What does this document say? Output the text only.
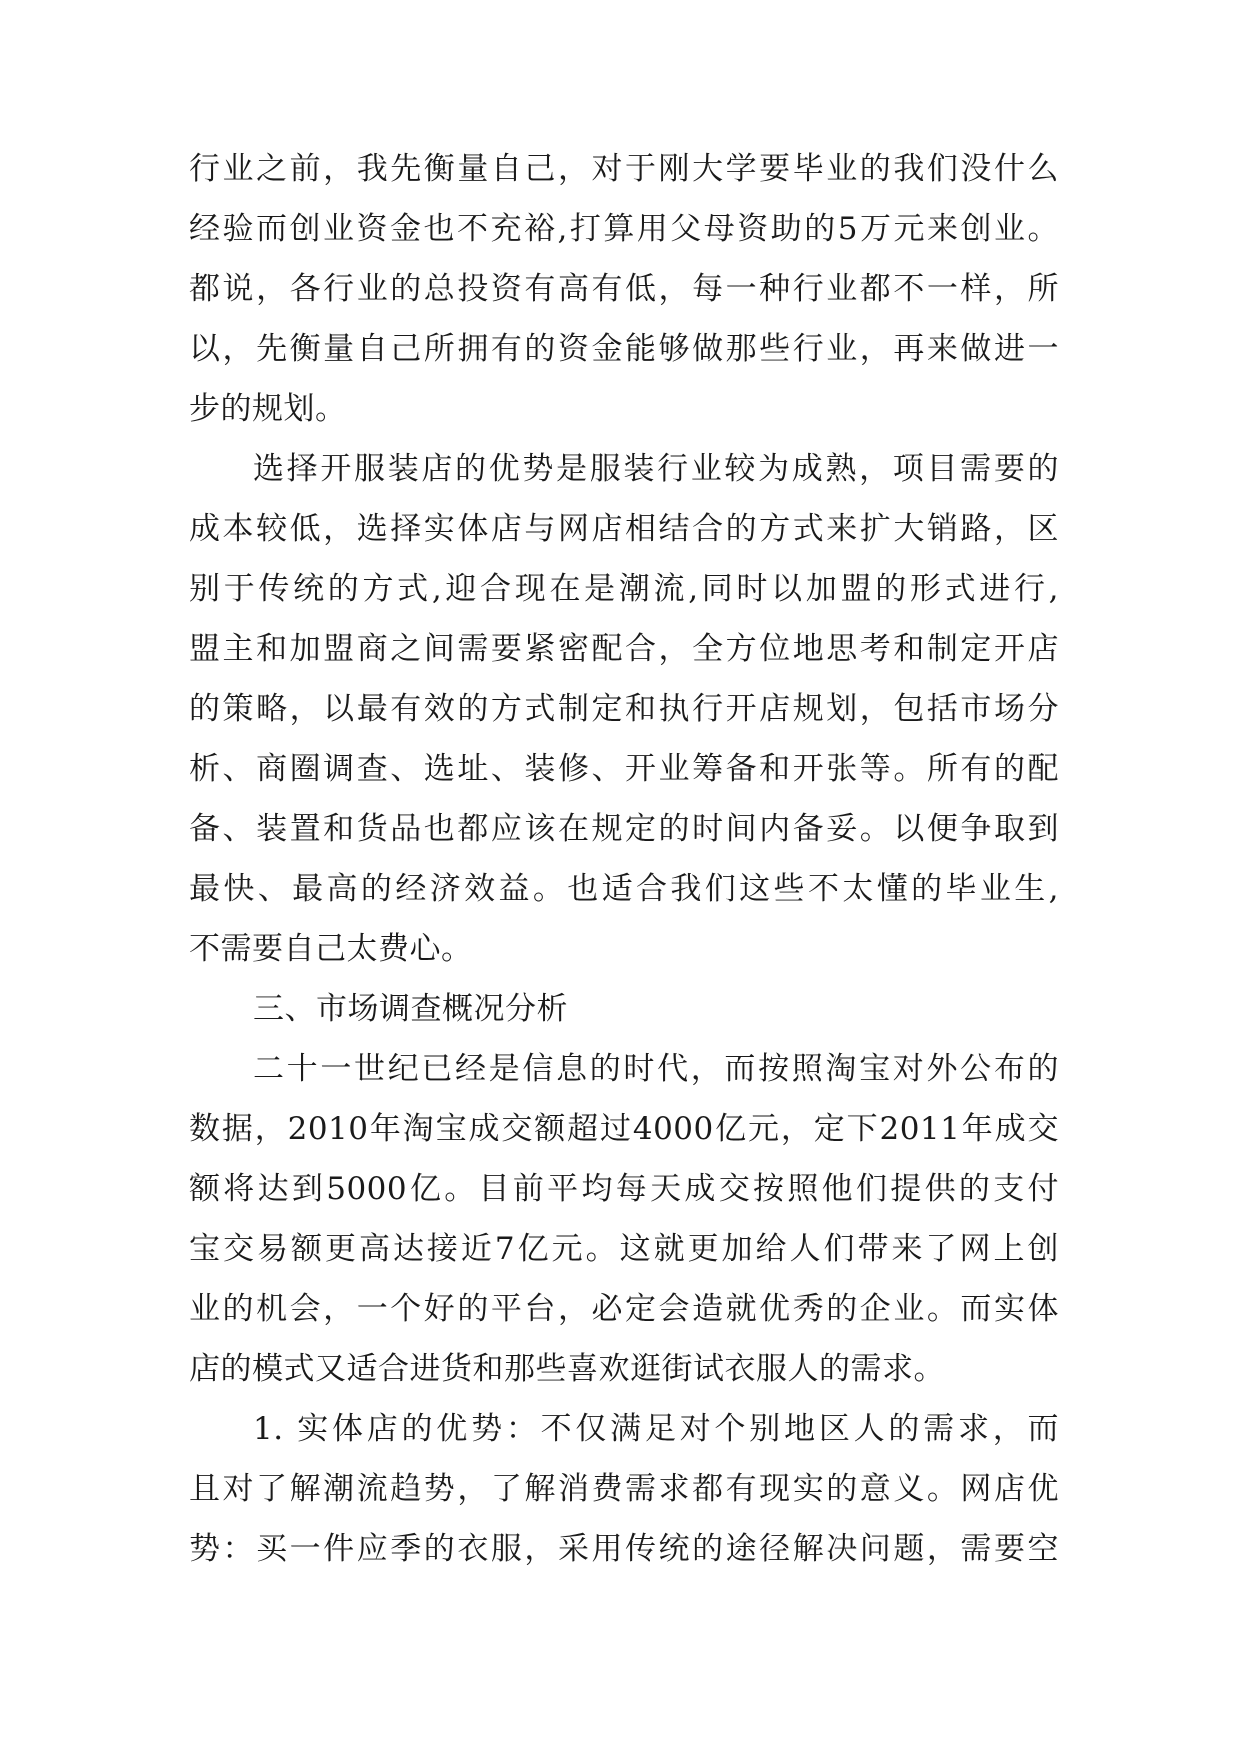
行业之前，我先衡量自己，对于刚大学要毕业的我们没什么
经验而创业资金也不充裕,打算用父母资助的5万元来创业。
都说，各行业的总投资有高有低，每一种行业都不一样，所
以，先衡量自己所拥有的资金能够做那些行业，再来做进一
步的规划。
选择开服装店的优势是服装行业较为成熟，项目需要的
成本较低，选择实体店与网店相结合的方式来扩大销路，区
别于传统的方式,迎合现在是潮流,同时以加盟的形式进行,
盟主和加盟商之间需要紧密配合，全方位地思考和制定开店
的策略，以最有效的方式制定和执行开店规划，包括市场分
析、商圈调查、选址、装修、开业筹备和开张等。所有的配
备、装置和货品也都应该在规定的时间内备妥。以便争取到
最快、最高的经济效益。也适合我们这些不太懂的毕业生,
不需要自己太费心。
三、市场调查概况分析
二十一世纪已经是信息的时代，而按照淘宝对外公布的
数据，2010年淘宝成交额超过4000亿元，定下2011年成交
额将达到5000亿。目前平均每天成交按照他们提供的支付
宝交易额更高达接近7亿元。这就更加给人们带来了网上创
业的机会，一个好的平台，必定会造就优秀的企业。而实体
店的模式又适合进货和那些喜欢逛街试衣服人的需求。
1. 实体店的优势：不仅满足对个别地区人的需求，而
且对了解潮流趋势，了解消费需求都有现实的意义。网店优
势：买一件应季的衣服，采用传统的途径解决问题，需要空
